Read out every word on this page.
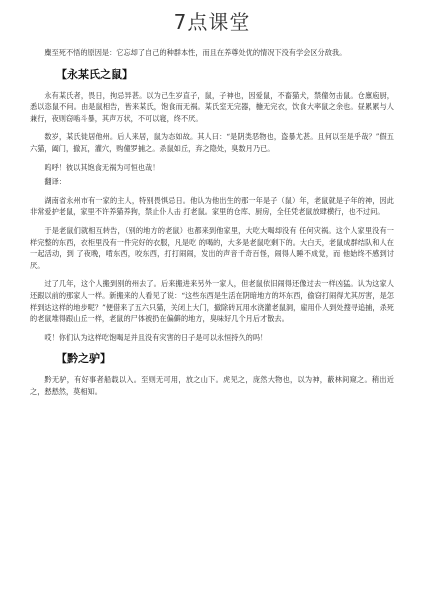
7点课堂

麋至死不悟的原因是：它忘却了自己的种群本性，而且在养尊处优的情况下没有学会区分敌我。

【永某氏之鼠】

永有某氏者，畏日，拘忌异甚。以为己生岁直子，鼠，子神也，因爱鼠，不畜猫犬，禁僮勿击鼠。仓廪庖厨，悉以恣鼠不问。由是鼠相告，皆来某氏，饱食而无祸。某氏室无完器，椸无完衣，饮食大率鼠之余也。昼累累与人兼行，夜则窃啮斗暴，其声万状，不可以寝，终不厌。

数岁，某氏徙居他州。后人来居，鼠为态如故。其人曰：“是阴类恶物也，盗暴尤甚。且何以至是乎哉？”假五六猫，阖门，撤瓦，灌穴，购僮罗捕之。杀鼠如丘，弃之隐处，臭数月乃已。

呜呼！彼以其饱食无祸为可恒也哉！

翻译：

湖南省永州市有一家的主人，特别畏惧忌日。他认为他出生的那一年是子（鼠）年，老鼠就是子年的神，因此非常爱护老鼠，家里不许养猫养狗，禁止仆人击 打老鼠。家里的仓库、厨房，全任凭老鼠放肆横行，也不过问。

于是老鼠们就相互转告，（别的地方的老鼠）也都来到他家里，大吃大喝却没有 任何灾祸。这个人家里没有一样完整的东西，衣柜里没有一件完好的衣服，凡是吃 的喝的，大多是老鼠吃剩下的。大白天，老鼠成群结队和人在一起活动，到 了夜晚，啃东西，咬东西，打打闹闹，发出的声音千奇百怪，闹得人睡不成觉，而 他始终不感到讨厌。

过了几年，这个人搬到别的州去了。后来搬进来另外一家人，但老鼠依旧闹得还像过去一样凶猛。认为这家人还跟以前的那家人一样。新搬来的人看见了说：“这些东西是生活在阴暗地方的坏东西，偷窃打闹得尤其厉害，是怎样到达这样的地步呢？”便借来了五六只猫，关闭上大门，撤除砖瓦用水浇灌老鼠洞，雇用仆人到处搜寻追捕，杀死的老鼠堆得跟山丘一样，老鼠的尸体被扔在偏僻的地方，臭味好几个月后才散去。

哎！你们认为这样吃饱喝足并且没有灾害的日子是可以永恒持久的吗！

【黔之驴】

黔无驴，有好事者船载以入。至则无可用，放之山下。虎见之，庞然大物也，以为神，蔽林间窥之。稍出近之，慭慭然，莫相知。
